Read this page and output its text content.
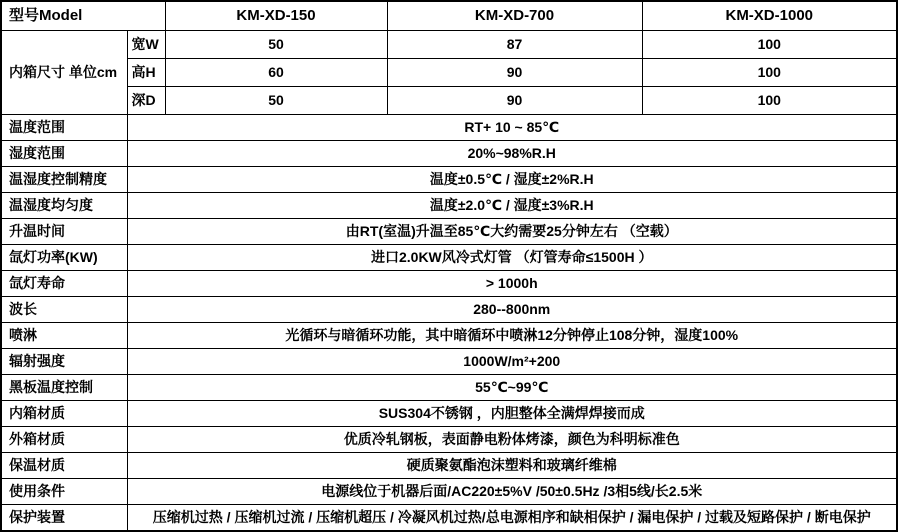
型号Model		KM-XD-150	KM-XD-700	KM-XD-1000
内箱尺寸 单位cm	宽W	50	87	100
	高H	60	90	100
	深D	50	90	100
温度范围	RT+ 10 ~ 85℃			
湿度范围	20%~98%R.H			
温湿度控制精度	温度±0.5℃ / 湿度±2%R.H			
温湿度均匀度	温度±2.0℃ / 湿度±3%R.H			
升温时间	由RT(室温)升温至85℃大约需要25分钟左右 （空载）			
氙灯功率(KW)	进口2.0KW风冷式灯管 （灯管寿命≤1500H ）			
氙灯寿命	> 1000h			
波长	280--800nm			
喷淋	光循环与暗循环功能，其中暗循环中喷淋12分钟停止108分钟，湿度100%			
辐射强度	1000W/m²+200			
黑板温度控制	55℃~99℃			
内箱材质	SUS304不锈钢 ，内胆整体全满焊焊接而成			
外箱材质	优质冷轧钢板，表面静电粉体烤漆，颜色为科明标准色			
保温材质	硬质聚氨酯泡沫塑料和玻璃纤维棉			
使用条件	电源线位于机器后面/AC220±5%V /50±0.5Hz /3相5线/长2.5米			
保护装置	压缩机过热 / 压缩机过流 / 压缩机超压 / 冷凝风机过热/总电源相序和缺相保护 / 漏电保护 / 过载及短路保护 / 断电保护			
